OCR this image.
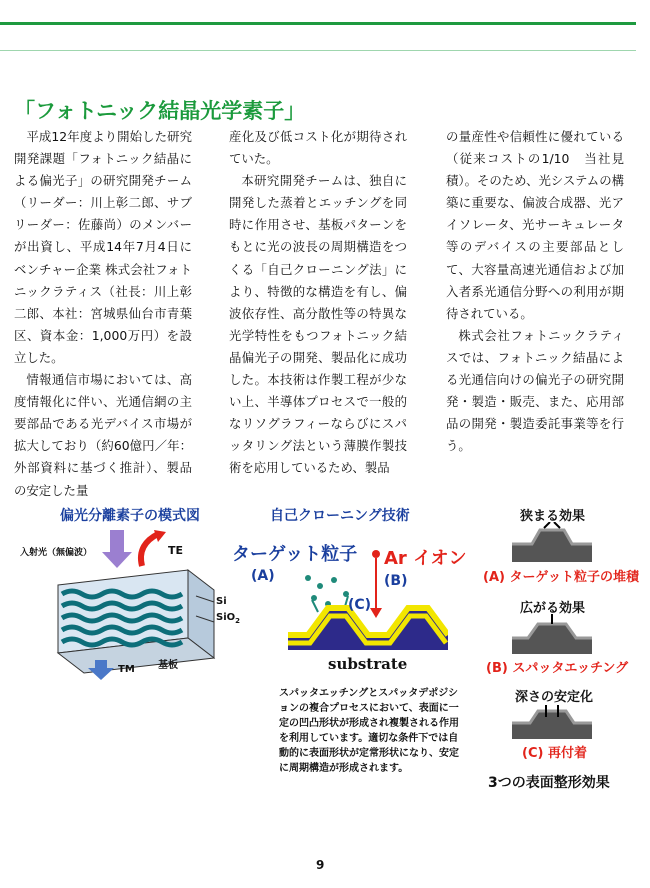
「フォトニック結晶光学素子」

平成12年度より開始した研究開発課題「フォトニック結晶による偏光子」の研究開発チーム（リーダー：川上彰二郎、サブリーダー：佐藤尚）のメンバーが出資し、平成14年7月4日にベンチャー企業 株式会社フォトニックラティス（社長：川上彰二郎、本社：宮城県仙台市青葉区、資本金：1,000万円）を設立した。

情報通信市場においては、高度情報化に伴い、光通信網の主要部品である光デバイス市場が拡大しており（約60億円／年：外部資料に基づく推計）、製品の安定した量

産化及び低コスト化が期待されていた。

本研究開発チームは、独自に開発した蒸着とエッチングを同時に作用させ、基板パターンをもとに光の波長の周期構造をつくる「自己クローニング法」により、特徴的な構造を有し、偏波依存性、高分散性等の特異な光学特性をもつフォトニック結晶偏光子の開発、製品化に成功した。本技術は作製工程が少ない上、半導体プロセスで一般的なリソグラフィーならびにスパッタリング法という薄膜作製技術を応用しているため、製品

の量産性や信頼性に優れている（従来コストの1/10　当社見積）。そのため、光システムの構築に重要な、偏波合成器、光アイソレータ、光サーキュレータ等のデバイスの主要部品として、大容量高速光通信および加入者系光通信分野への利用が期待されている。

株式会社フォトニックラティスでは、フォトニック結晶による光通信向けの偏光子の研究開発・製造・販売、また、応用部品の開発・製造委託事業等を行う。

偏光分離素子の模式図
入射光（無偏波）	TE
Si
SiO$_2$
TM 基板
自己クローニング技術
ターゲット粒子 Ar イオン
(A)	(B)
(C)
substrate
スパッタエッチングとスパッタデポジションの複合プロセスにおいて、表面に一定の凹凸形状が形成され複製される作用を利用しています。適切な条件下では自動的に表面形状が定常形状になり、安定に周期構造が形成されます。
狭まる効果
(A) ターゲット粒子の堆積
広がる効果
(B) スパッタエッチング
深さの安定化
(C) 再付着
3つの表面整形効果
9
